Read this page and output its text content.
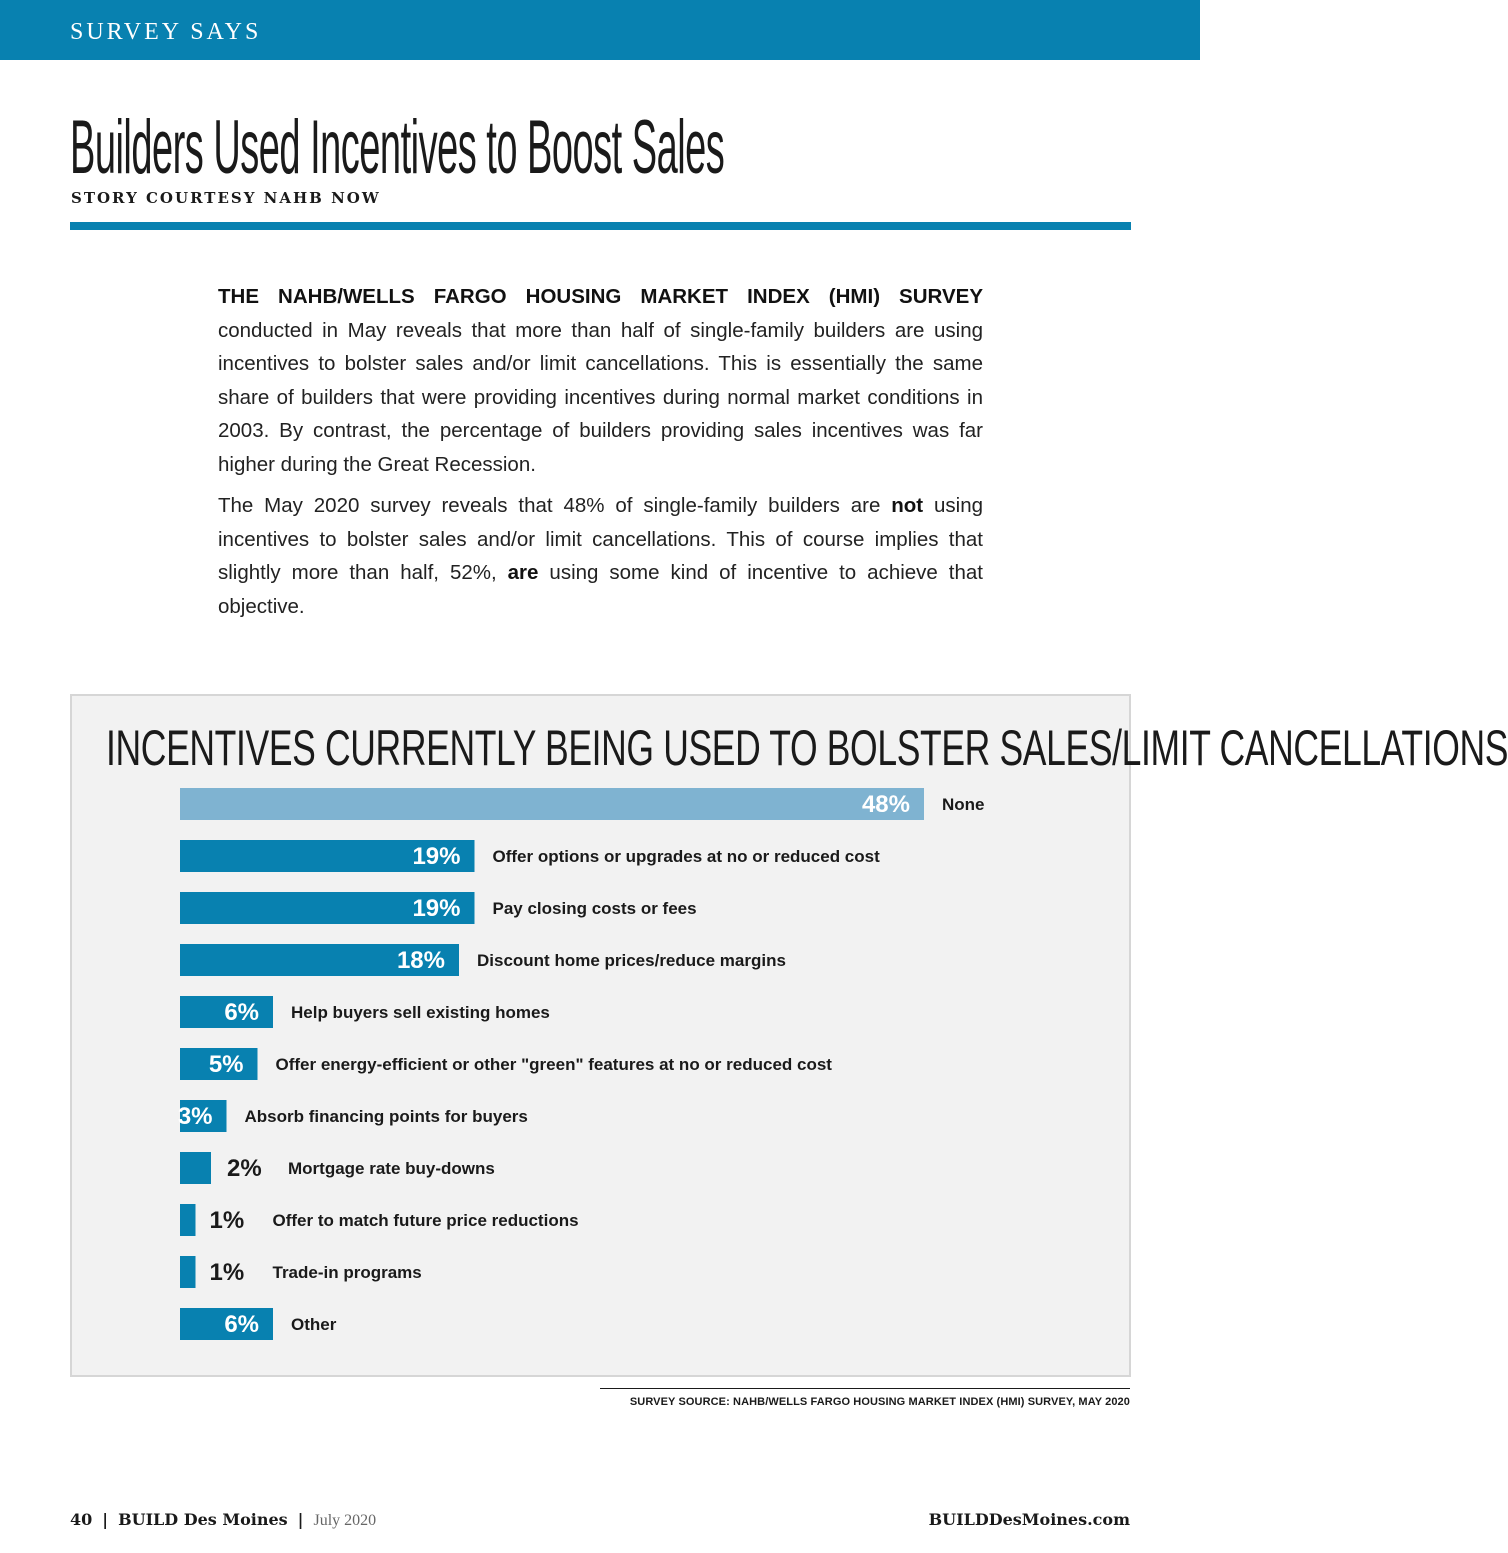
SURVEY SAYS
Builders Used Incentives to Boost Sales
STORY COURTESY NAHB NOW

THE NAHB/WELLS FARGO HOUSING MARKET INDEX (HMI) SURVEY conducted in May reveals that more than half of single-family builders are using incentives to bolster sales and/or limit cancellations. This is essentially the same share of builders that were providing incentives during normal market conditions in 2003. By contrast, the percentage of builders providing sales incentives was far higher during the Great Recession.

The May 2020 survey reveals that 48% of single-family builders are not using incentives to bolster sales and/or limit cancellations. This of course implies that slightly more than half, 52%, are using some kind of incentive to achieve that objective.

INCENTIVES CURRENTLY BEING USED TO BOLSTER SALES/LIMIT CANCELLATIONS
48% None
19% Offer options or upgrades at no or reduced cost
19% Pay closing costs or fees
18% Discount home prices/reduce margins
6% Help buyers sell existing homes
5% Offer energy-efficient or other "green" features at no or reduced cost
3% Absorb financing points for buyers
2% Mortgage rate buy-downs
1% Offer to match future price reductions
1% Trade-in programs
6% Other
SURVEY SOURCE: NAHB/WELLS FARGO HOUSING MARKET INDEX (HMI) SURVEY, MAY 2020
40 | BUILD Des Moines | July 2020	BUILDDesMoines.com
